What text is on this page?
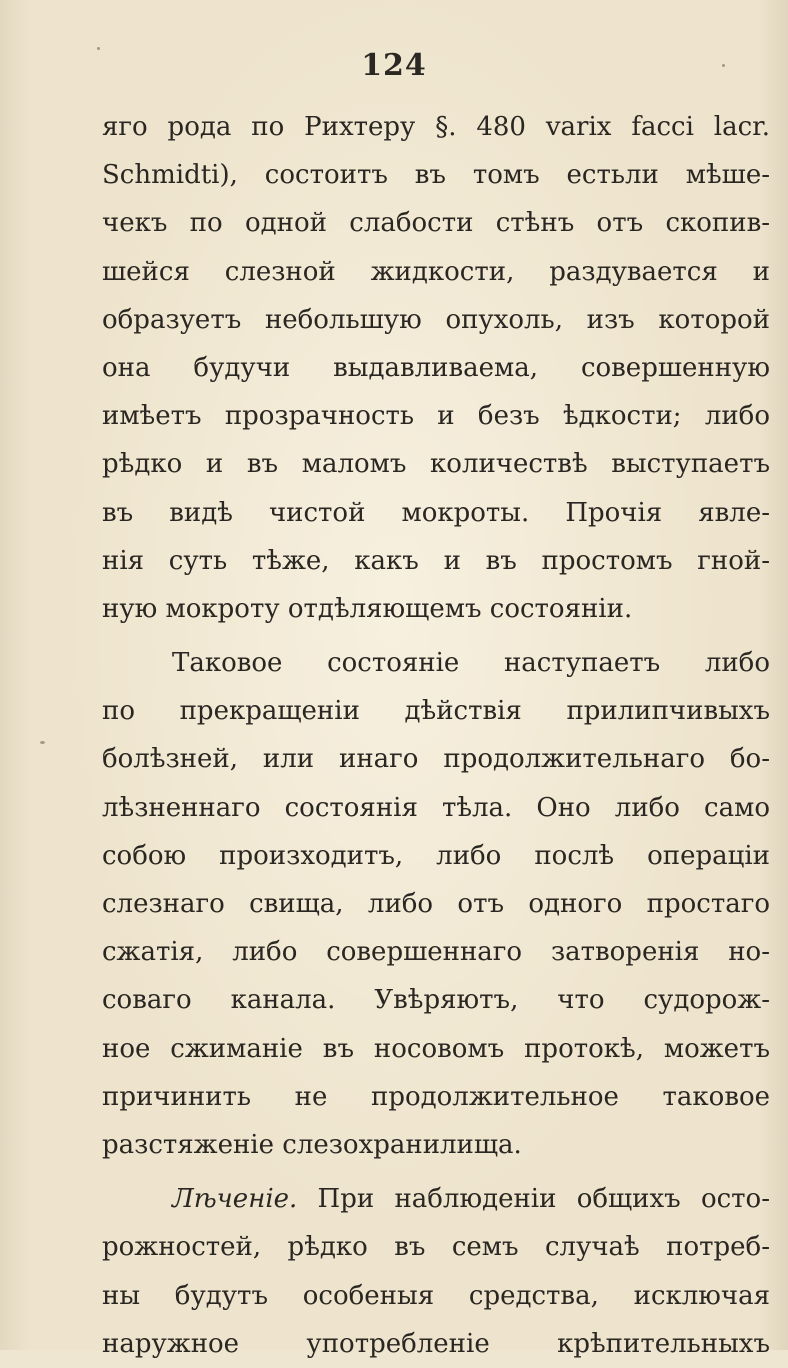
124
яго рода по Рихтеру §. 480 varix facci lacr.
Schmidti), состоитъ въ томъ естьли мѣше-
чекъ по одной слабости стѣнъ отъ скопив-
шейся слезной жидкости, раздувается и
образуетъ небольшую опухоль, изъ которой
она будучи выдавливаема, совершенную
имѣетъ прозрачность и безъ ѣдкости; либо
рѣдко и въ маломъ количествѣ выступаетъ
въ видѣ чистой мокроты. Прочія явле-
нія суть тѣже, какъ и въ простомъ гной-
ную мокроту отдѣляющемъ состояніи.
Таковое состояніе наступаетъ либо
по прекращеніи дѣйствія прилипчивыхъ
болѣзней, или инаго продолжительнаго бо-
лѣзненнаго состоянія тѣла. Оно либо само
собою произходитъ, либо послѣ операціи
слезнаго свища, либо отъ одного простаго
сжатія, либо совершеннаго затворенія но-
соваго канала. Увѣряютъ, что судорож-
ное сжиманіе въ носовомъ протокѣ, можетъ
причинить не продолжительное таковое
разстяженіе слезохранилища.
Лѣченіе. При наблюденіи общихъ осто-
рожностей, рѣдко въ семъ случаѣ потреб-
ны будутъ особеныя средства, исключая
наружное употребленіе крѣпительныхъ
